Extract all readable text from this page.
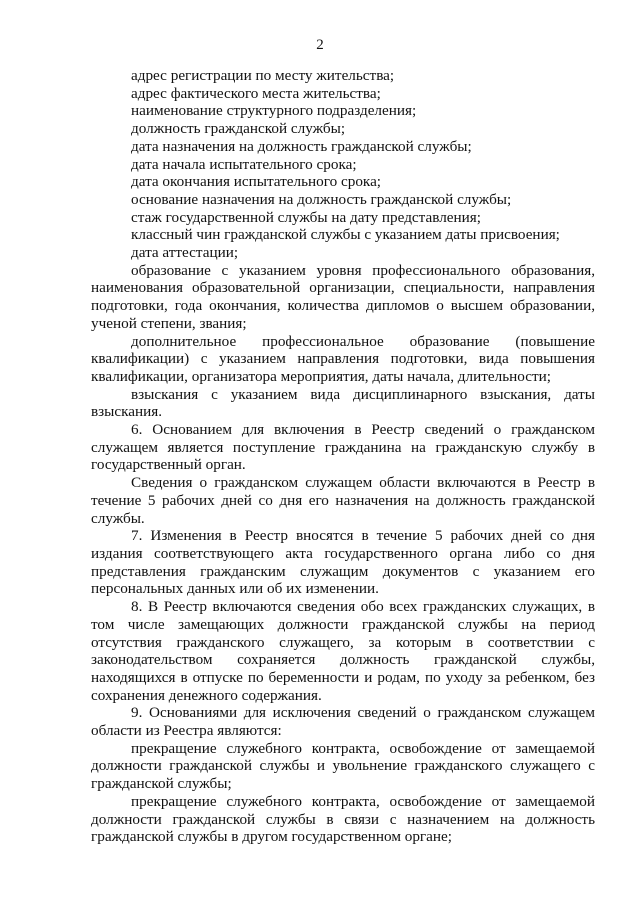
2
адрес регистрации по месту жительства;
адрес фактического места жительства;
наименование структурного подразделения;
должность гражданской службы;
дата назначения на должность гражданской службы;
дата начала испытательного срока;
дата окончания испытательного срока;
основание назначения на должность гражданской службы;
стаж государственной службы на дату представления;
классный чин гражданской службы с указанием даты присвоения;
дата аттестации;

образование с указанием уровня профессионального образования, наименования образовательной организации, специальности, направления подготовки, года окончания, количества дипломов о высшем образовании, ученой степени, звания;

дополнительное профессиональное образование (повышение квалификации) с указанием направления подготовки, вида повышения квалификации, организатора мероприятия, даты начала, длительности;

взыскания с указанием вида дисциплинарного взыскания, даты взыскания.

6. Основанием для включения в Реестр сведений о гражданском служащем является поступление гражданина на гражданскую службу в государственный орган.

Сведения о гражданском служащем области включаются в Реестр в течение 5 рабочих дней со дня его назначения на должность гражданской службы.

7. Изменения в Реестр вносятся в течение 5 рабочих дней со дня издания соответствующего акта государственного органа либо со дня представления гражданским служащим документов с указанием его персональных данных или об их изменении.

8. В Реестр включаются сведения обо всех гражданских служащих, в том числе замещающих должности гражданской службы на период отсутствия гражданского служащего, за которым в соответствии с законодательством сохраняется должность гражданской службы, находящихся в отпуске по беременности и родам, по уходу за ребенком, без сохранения денежного содержания.

9. Основаниями для исключения сведений о гражданском служащем области из Реестра являются:

прекращение служебного контракта, освобождение от замещаемой должности гражданской службы и увольнение гражданского служащего с гражданской службы;

прекращение служебного контракта, освобождение от замещаемой должности гражданской службы в связи с назначением на должность гражданской службы в другом государственном органе;
